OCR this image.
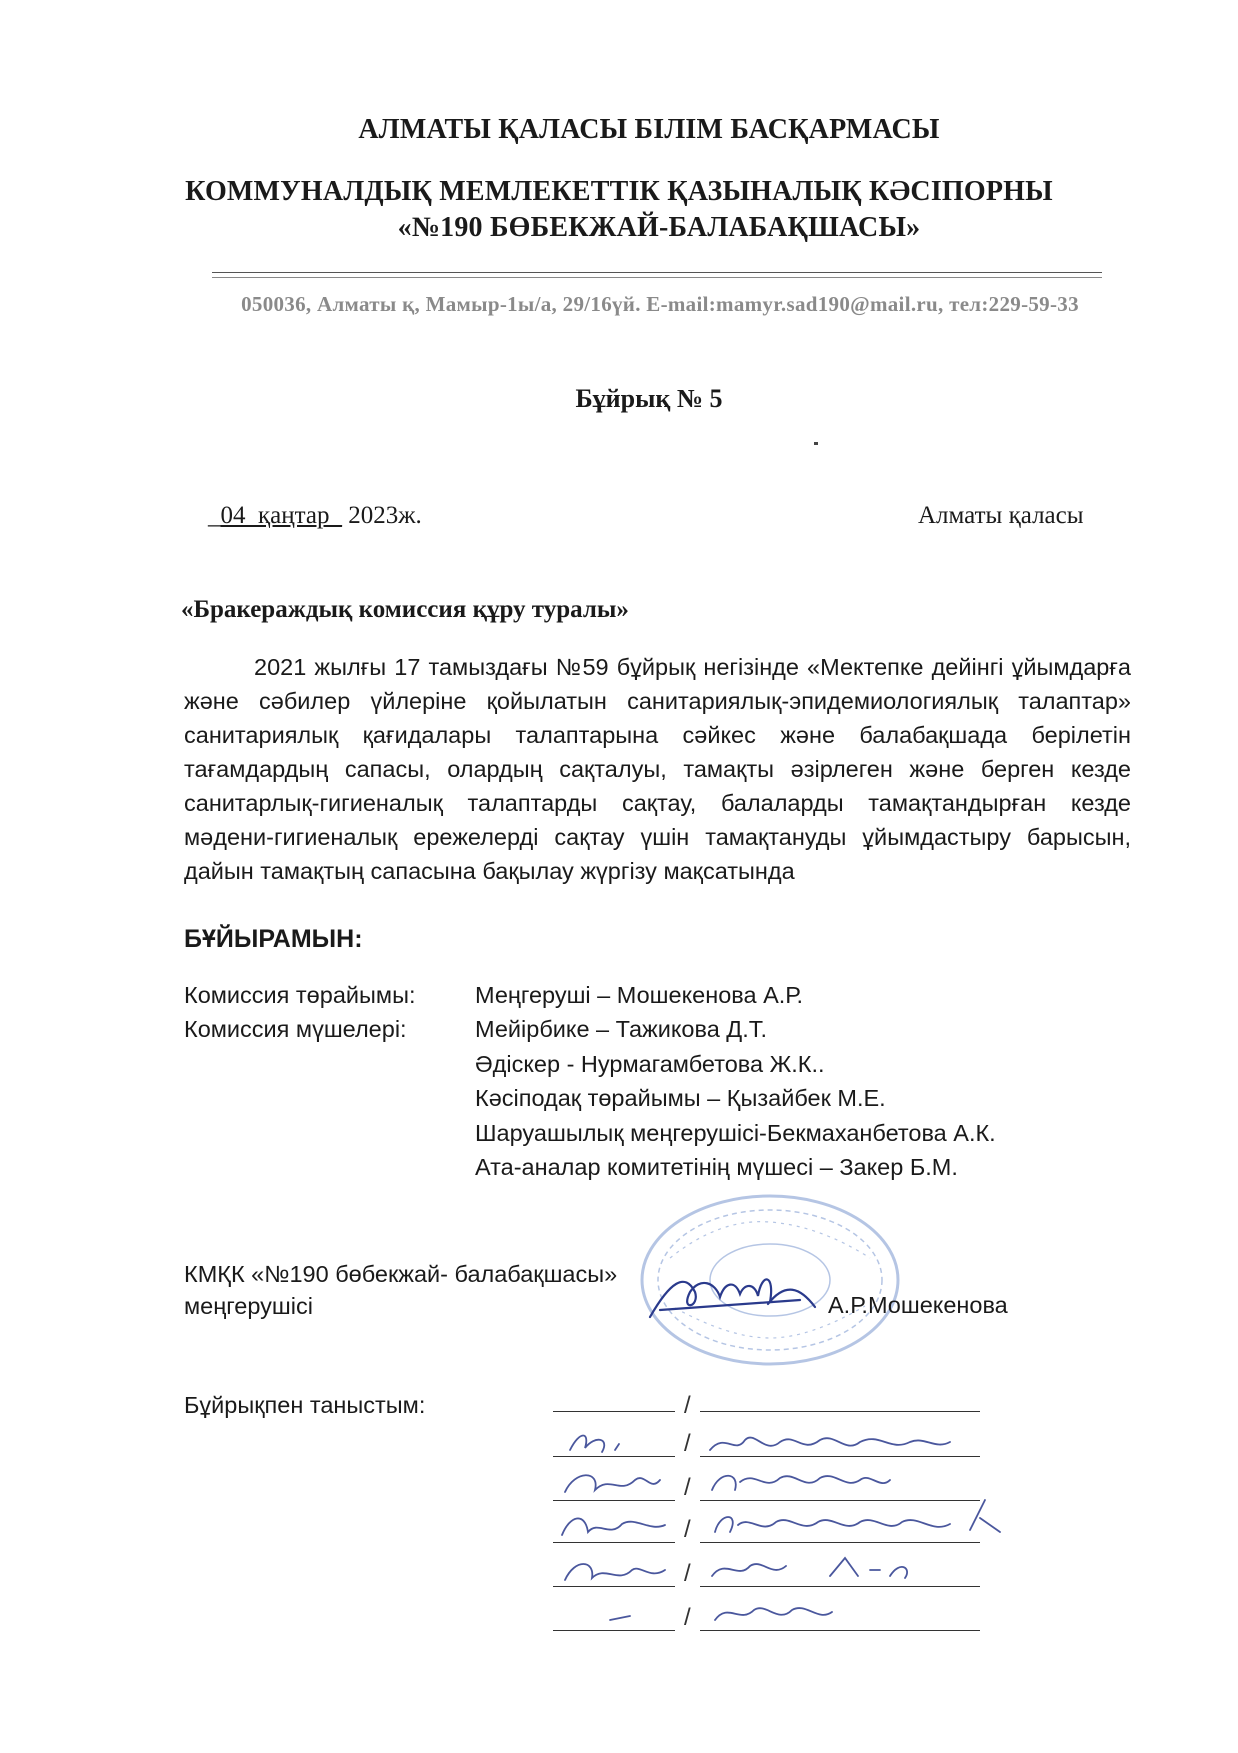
АЛМАТЫ ҚАЛАСЫ БІЛІМ БАСҚАРМАСЫ
КОММУНАЛДЫҚ МЕМЛЕКЕТТІК ҚАЗЫНАЛЫҚ КӘСІПОРНЫ
«№190 БӨБЕКЖАЙ-БАЛАБАҚШАСЫ»
050036, Алматы қ, Мамыр-1ы/а, 29/16үй. E-mail:mamyr.sad190@mail.ru, тел:229-59-33
Бұйрық № 5
_04_қаңтар_ 2023ж.	Алматы қаласы
«Бракераждық комиссия құру туралы»
2021 жылғы 17 тамыздағы №59 бұйрық негізінде «Мектепке дейінгі ұйымдарға және сәбилер үйлеріне қойылатын санитариялық-эпидемиологиялық талаптар» санитариялық қағидалары талаптарына сәйкес және балабақшада берілетін тағамдардың сапасы, олардың сақталуы, тамақты әзірлеген және берген кезде санитарлық-гигиеналық талаптарды сақтау, балаларды тамақтандырған кезде мәдени-гигиеналық ережелерді сақтау үшін тамақтануды ұйымдастыру барысын, дайын тамақтың сапасына бақылау жүргізу мақсатында
БҰЙЫРАМЫН:
Комиссия төрайымы:	Меңгеруші – Мошекенова А.Р.
Комиссия мүшелері:	Мейірбике – Тажикова Д.Т.
Әдіскер - Нурмагамбетова Ж.К..
Кәсіподақ төрайымы – Қызайбек М.Е.
Шаруашылық меңгерушісі-Бекмаханбетова А.К.
Ата-аналар комитетінің мүшесі – Закер Б.М.
КМҚК «№190 бөбекжай- балабақшасы»
меңгерушісі	А.Р.Мошекенова
Бұйрықпен таныстым:	/
/
/
/
/
/
